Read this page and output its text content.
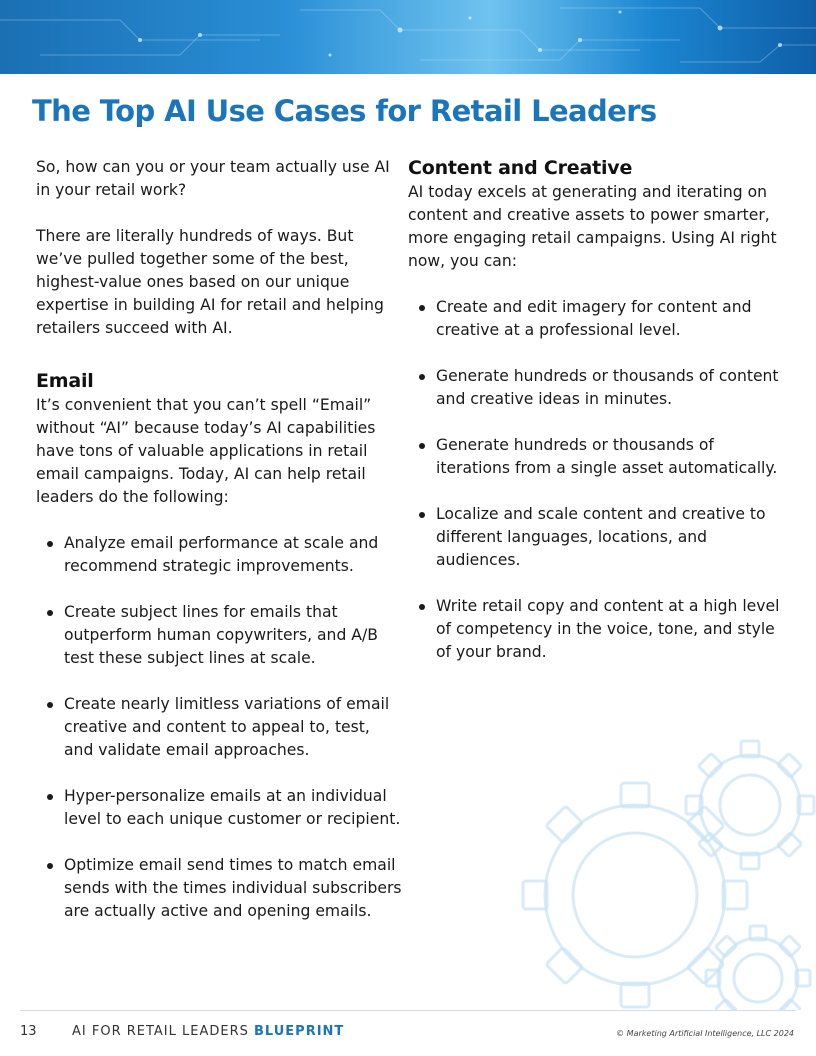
The Top AI Use Cases for Retail Leaders

So, how can you or your team actually use AI in your retail work?

There are literally hundreds of ways. But we’ve pulled together some of the best, highest-value ones based on our unique expertise in building AI for retail and helping retailers succeed with AI.

Email

It’s convenient that you can’t spell “Email” without “AI” because today’s AI capabilities have tons of valuable applications in retail email campaigns. Today, AI can help retail leaders do the following:

Analyze email performance at scale and recommend strategic improvements.
Create subject lines for emails that outperform human copywriters, and A/B test these subject lines at scale.
Create nearly limitless variations of email creative and content to appeal to, test, and validate email approaches.
Hyper-personalize emails at an individual level to each unique customer or recipient.
Optimize email send times to match email sends with the times individual subscribers are actually active and opening emails.
Content and Creative

AI today excels at generating and iterating on content and creative assets to power smarter, more engaging retail campaigns. Using AI right now, you can:

Create and edit imagery for content and creative at a professional level.
Generate hundreds or thousands of content and creative ideas in minutes.
Generate hundreds or thousands of iterations from a single asset automatically.
Localize and scale content and creative to different languages, locations, and audiences.
Write retail copy and content at a high level of competency in the voice, tone, and style of your brand.
13	AI FOR RETAIL LEADERS BLUEPRINT	© Marketing Artificial Intelligence, LLC 2024
